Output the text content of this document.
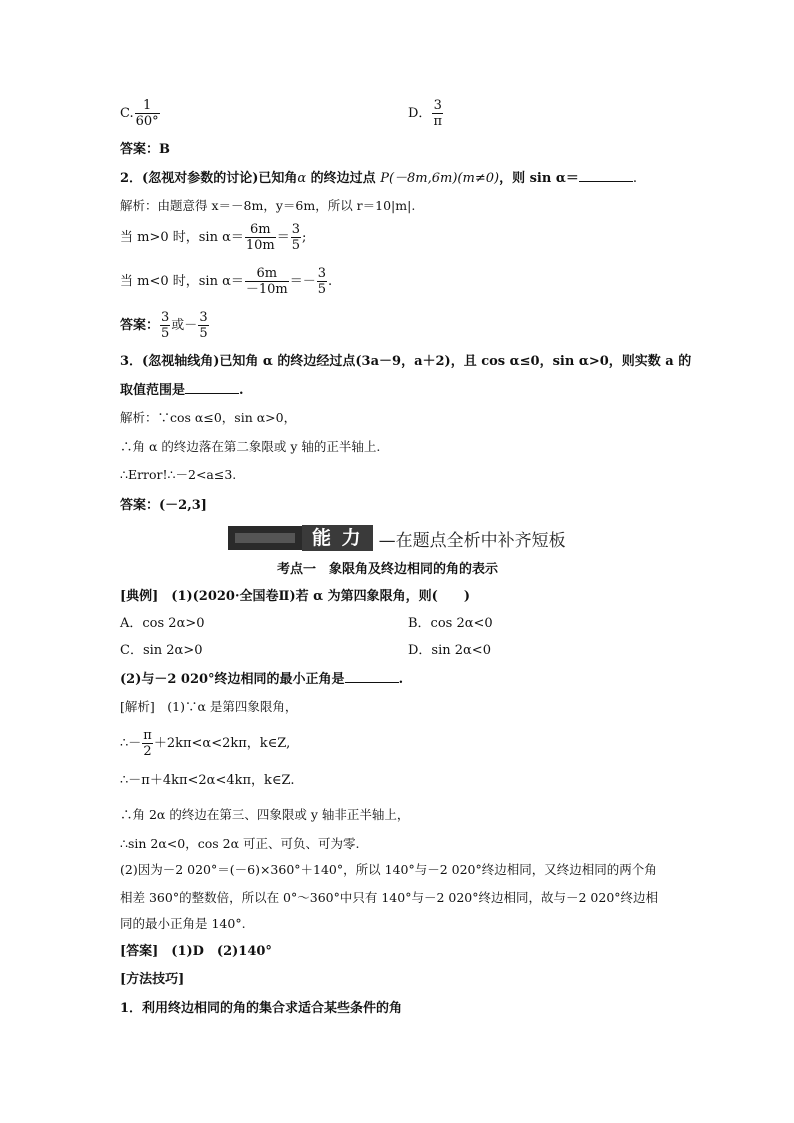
C. $\frac{1}{60^\circ}$	D． $\frac{3}{\pi}$
答案：B
2．(忽视对参数的讨论)已知角α 的终边过点 P(－8m,6m)(m≠0)，则 sin α＝	.
解析：由题意得 x＝－8m，y＝6m，所以 r＝10|m|.
当 m>0 时，$\sin \alpha= \frac{6m}{10m} = \frac{3}{5}$ ;
当 m<0 时，$\sin \alpha= \frac{6m}{-10m} =- \frac{3}{5}$ .
答案： $\frac{3}{5}$ 或－ $\frac{3}{5}$
3．(忽视轴线角)已知角 α 的终边经过点(3a－9，a＋2)，且 cos α≤0，sin α>0，则实数 a 的
取值范围是	.
解析：∵cos α≤0，sin α>0，
∴角 α 的终边落在第二象限或 y 轴的正半轴上.
∴Error!∴－2<a≤3.
答案：(－2,3]
能 力 —在题点全析中补齐短板
考点一　象限角及终边相同的角的表示
[典例]　(1)(2020·全国卷Ⅱ)若 α 为第四象限角，则(　　)
A．cos 2α>0	B．cos 2α<0
C．sin 2α>0	D．sin 2α<0
(2)与－2 020°终边相同的最小正角是	.
[解析]　(1)∵α 是第四象限角，
∴－ $\frac{\pi}{2} +2k\pi<\alpha<2k\pi$，k∈Z,
∴－π＋4kπ<2α<4kπ，k∈Z.
∴角 2α 的终边在第三、四象限或 y 轴非正半轴上，
∴sin 2α<0，cos 2α 可正、可负、可为零.
(2)因为－2 020°＝(－6)×360°＋140°，所以 140°与－2 020°终边相同，又终边相同的两个角
相差 360°的整数倍，所以在 0°～360°中只有 140°与－2 020°终边相同，故与－2 020°终边相
同的最小正角是 140°.
[答案]　(1)D　(2)140°
[方法技巧]
1．利用终边相同的角的集合求适合某些条件的角
